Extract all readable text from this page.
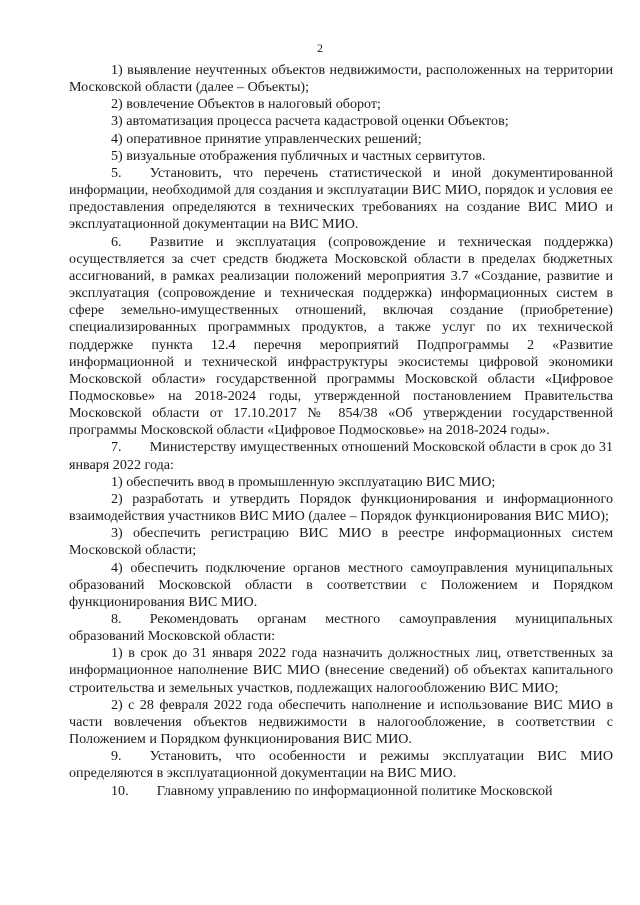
2

1) выявление неучтенных объектов недвижимости, расположенных на территории Московской области (далее – Объекты);

2) вовлечение Объектов в налоговый оборот;

3) автоматизация процесса расчета кадастровой оценки Объектов;

4) оперативное принятие управленческих решений;

5) визуальные отображения публичных и частных сервитутов.

5.  Установить, что перечень статистической и иной документированной информации, необходимой для создания и эксплуатации ВИС МИО, порядок и условия ее предоставления определяются в технических требованиях на создание ВИС МИО и эксплуатационной документации на ВИС МИО.

6.  Развитие и эксплуатация (сопровождение и техническая поддержка) осуществляется за счет средств бюджета Московской области в пределах бюджетных ассигнований, в рамках реализации положений мероприятия 3.7 «Создание, развитие и эксплуатация (сопровождение и техническая поддержка) информационных систем в сфере земельно-имущественных отношений, включая создание (приобретение) специализированных программных продуктов, а также услуг по их технической поддержке пункта 12.4 перечня мероприятий Подпрограммы 2 «Развитие информационной и технической инфраструктуры экосистемы цифровой экономики Московской области» государственной программы Московской области «Цифровое Подмосковье» на 2018-2024 годы, утвержденной постановлением Правительства Московской области от 17.10.2017 № 854/38 «Об утверждении государственной программы Московской области «Цифровое Подмосковье» на 2018-2024 годы».

7.  Министерству имущественных отношений Московской области в срок до 31 января 2022 года:

1) обеспечить ввод в промышленную эксплуатацию ВИС МИО;

2) разработать и утвердить Порядок функционирования и информационного взаимодействия участников ВИС МИО (далее – Порядок функционирования ВИС МИО);

3) обеспечить регистрацию ВИС МИО в реестре информационных систем Московской области;

4) обеспечить подключение органов местного самоуправления муниципальных образований Московской области в соответствии с Положением и Порядком функционирования ВИС МИО.

8.  Рекомендовать органам местного самоуправления муниципальных образований Московской области:

1) в срок до 31 января 2022 года назначить должностных лиц, ответственных за информационное наполнение ВИС МИО (внесение сведений) об объектах капитального строительства и земельных участков, подлежащих налогообложению ВИС МИО;

2) с 28 февраля 2022 года обеспечить наполнение и использование ВИС МИО в части вовлечения объектов недвижимости в налогообложение, в соответствии с Положением и Порядком функционирования ВИС МИО.

9.  Установить, что особенности и режимы эксплуатации ВИС МИО определяются в эксплуатационной документации на ВИС МИО.

10.  Главному управлению по информационной политике Московской
